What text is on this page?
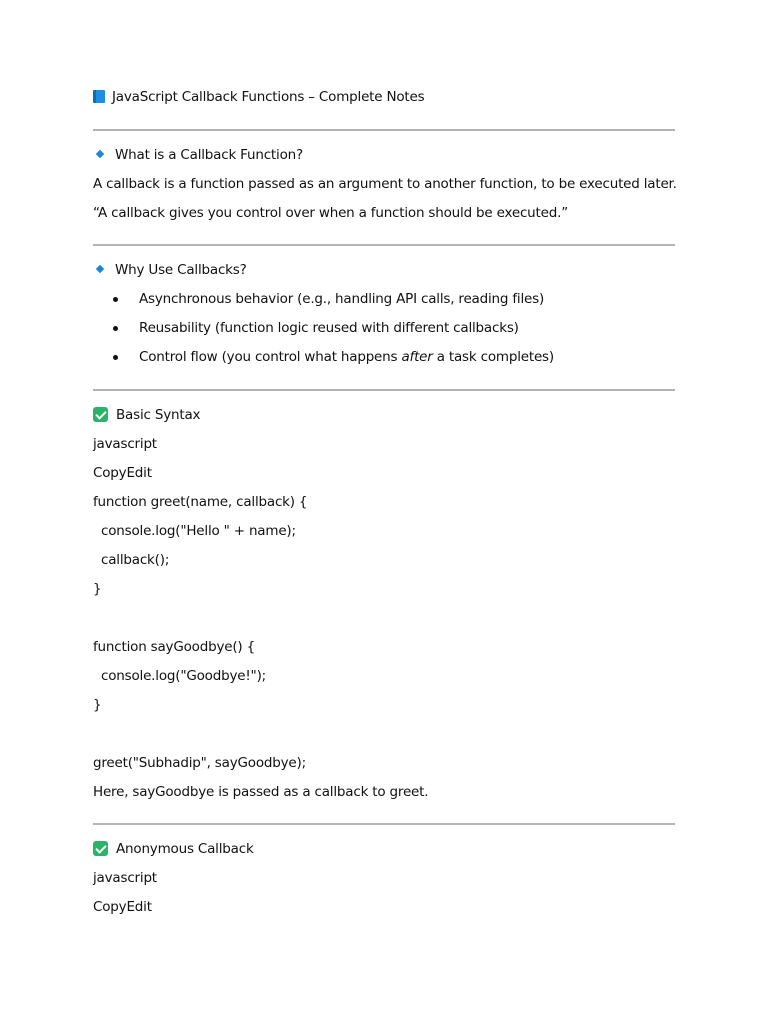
JavaScript Callback Functions – Complete Notes
What is a Callback Function?
A callback is a function passed as an argument to another function, to be executed later.
“A callback gives you control over when a function should be executed.”
Why Use Callbacks?
Asynchronous behavior (e.g., handling API calls, reading files)
Reusability (function logic reused with different callbacks)
Control flow (you control what happens after a task completes)
Basic Syntax
javascript
CopyEdit
function greet(name, callback) {
console.log("Hello " + name);
callback();
}
function sayGoodbye() {
console.log("Goodbye!");
}
greet("Subhadip", sayGoodbye);
Here, sayGoodbye is passed as a callback to greet.
Anonymous Callback
javascript
CopyEdit
